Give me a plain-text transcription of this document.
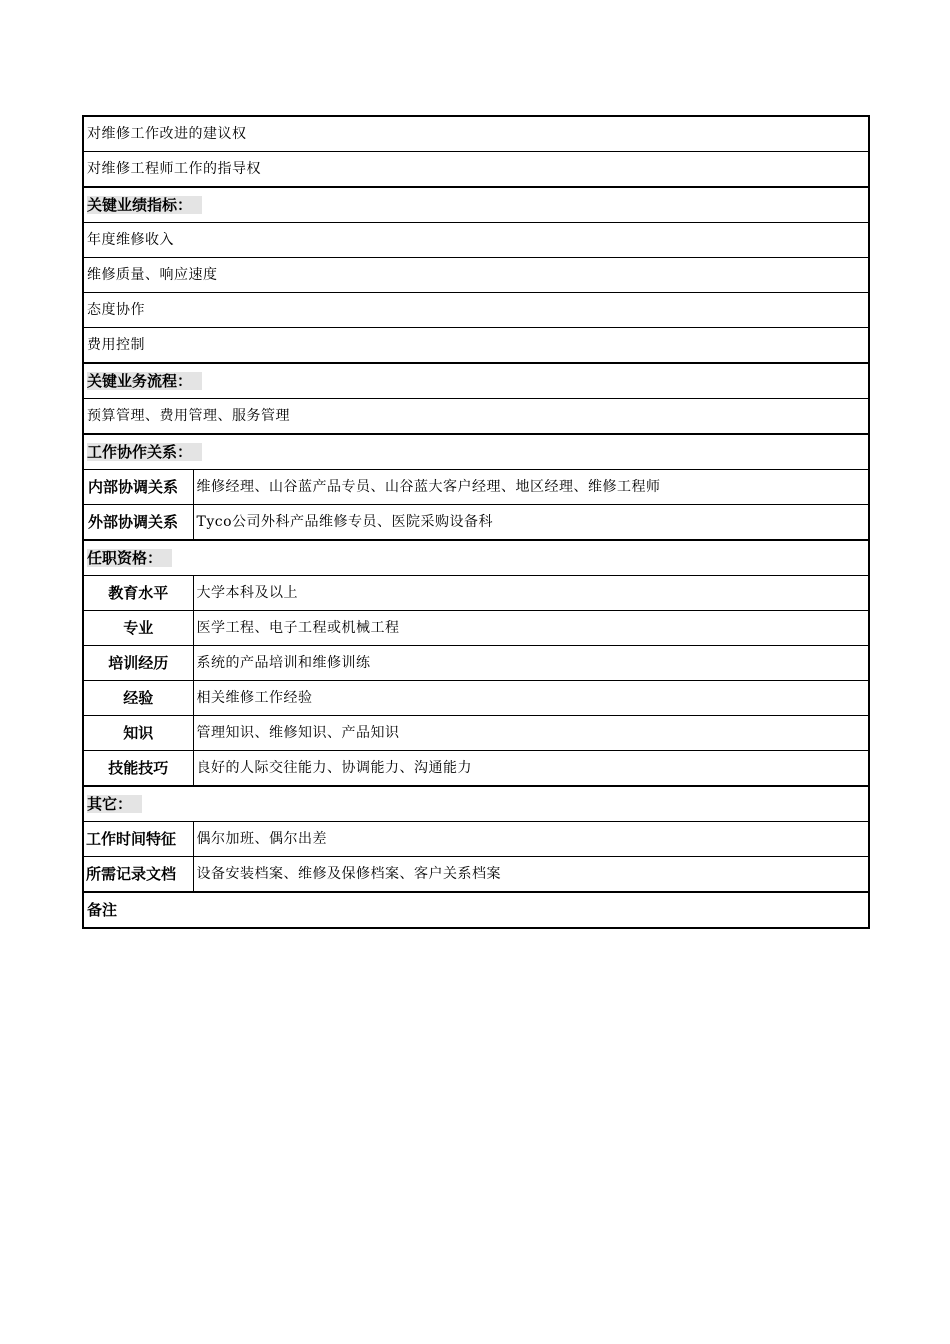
对维修工作改进的建议权	
对维修工程师工作的指导权	
关键业绩指标：	
年度维修收入	
维修质量、响应速度	
态度协作	
费用控制	
关键业务流程：	
预算管理、费用管理、服务管理	
工作协作关系：	
内部协调关系	维修经理、山谷蓝产品专员、山谷蓝大客户经理、地区经理、维修工程师
外部协调关系	Tyco公司外科产品维修专员、医院采购设备科
任职资格：	
教育水平	大学本科及以上
专业	医学工程、电子工程或机械工程
培训经历	系统的产品培训和维修训练
经验	相关维修工作经验
知识	管理知识、维修知识、产品知识
技能技巧	良好的人际交往能力、协调能力、沟通能力
其它：	
工作时间特征	偶尔加班、偶尔出差
所需记录文档	设备安装档案、维修及保修档案、客户关系档案
备注	
